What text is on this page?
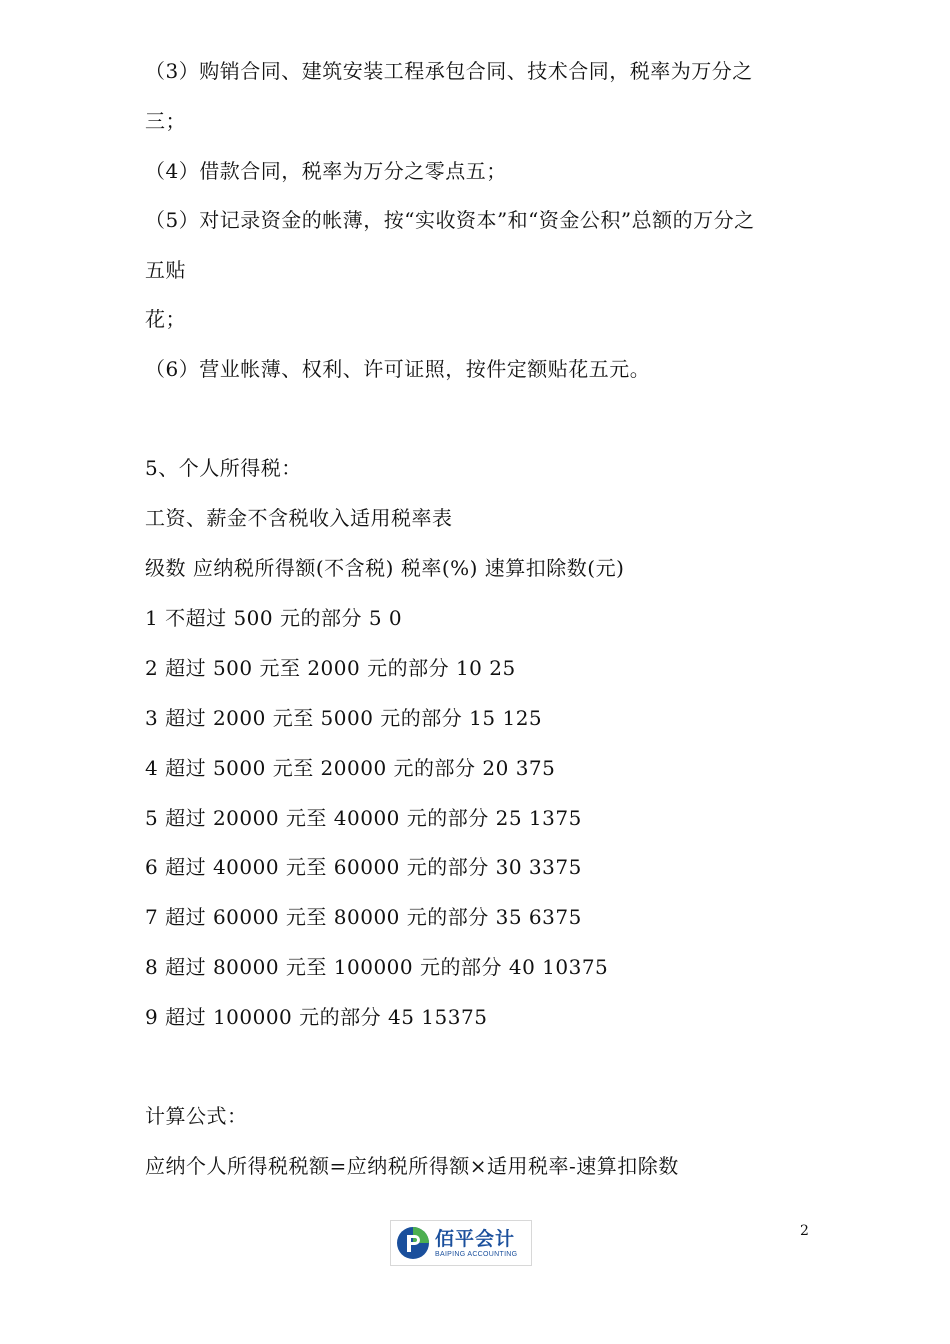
（3）购销合同、建筑安装工程承包合同、技术合同，税率为万分之
三；
（4）借款合同，税率为万分之零点五；
（5）对记录资金的帐薄，按“实收资本”和“资金公积”总额的万分之
五贴
花；
（6）营业帐薄、权利、许可证照，按件定额贴花五元。
5、个人所得税：
工资、薪金不含税收入适用税率表
级数 应纳税所得额(不含税) 税率(%) 速算扣除数(元)
1 不超过 500 元的部分 5 0
2 超过 500 元至 2000 元的部分 10 25
3 超过 2000 元至 5000 元的部分 15 125
4 超过 5000 元至 20000 元的部分 20 375
5 超过 20000 元至 40000 元的部分 25 1375
6 超过 40000 元至 60000 元的部分 30 3375
7 超过 60000 元至 80000 元的部分 35 6375
8 超过 80000 元至 100000 元的部分 40 10375
9 超过 100000 元的部分 45 15375
计算公式：
应纳个人所得税税额=应纳税所得额×适用税率-速算扣除数
佰平会计
BAIPING ACCOUNTING
2
